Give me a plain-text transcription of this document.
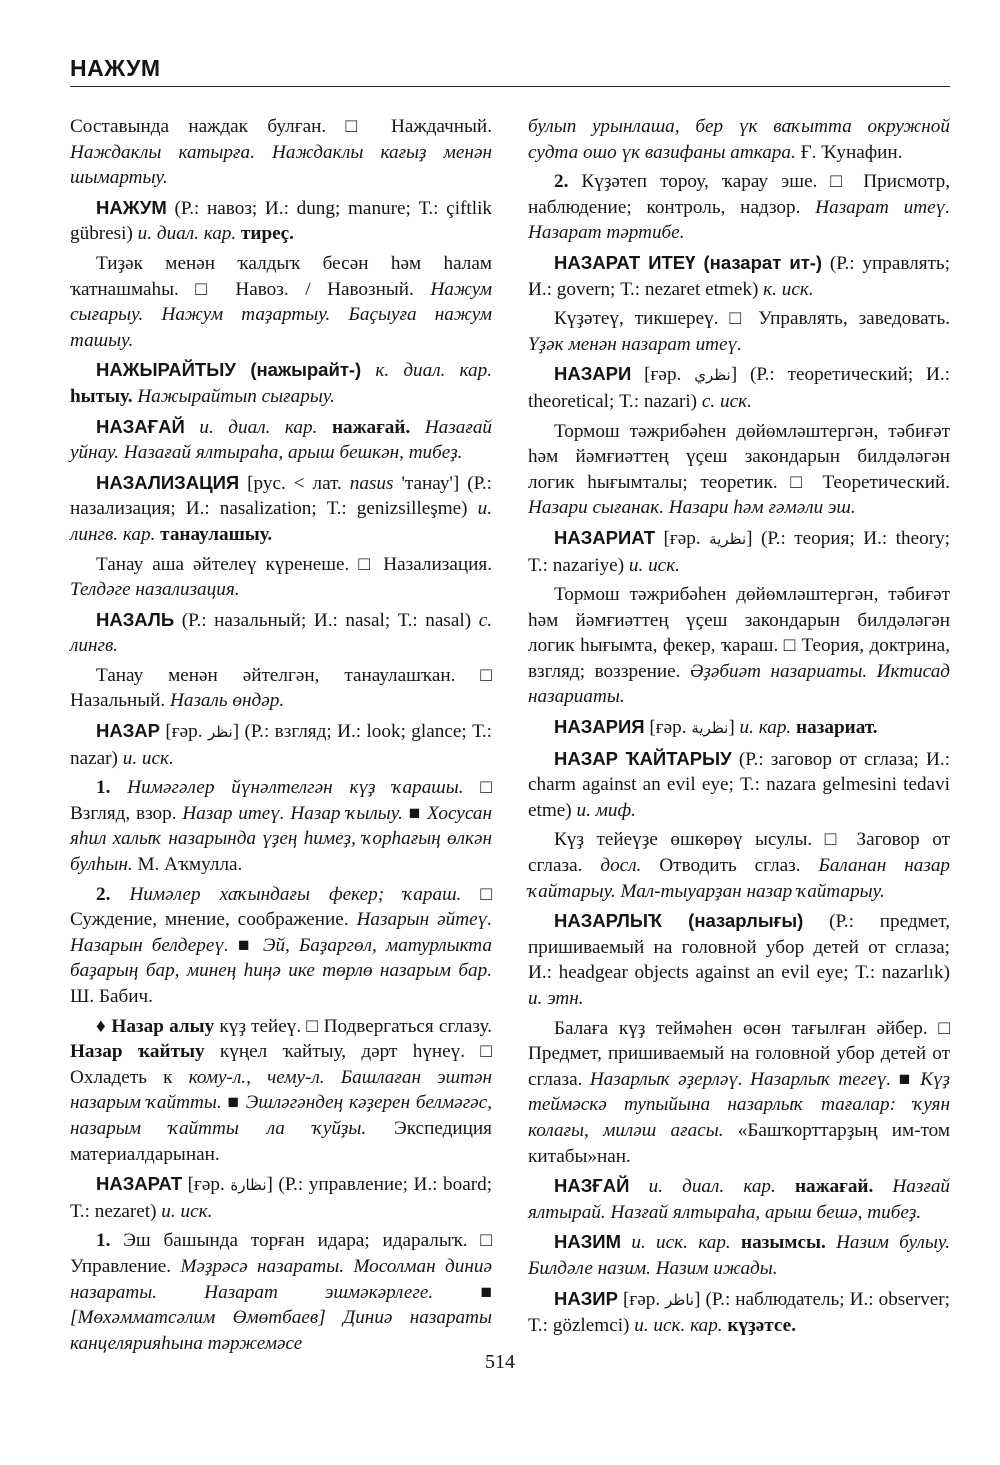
НАЖУМ

Составында наждак булған. □ Наждачный. Наждаклы катырға. Наждаклы кағыҙ менән шымартыу.

НАЖУМ (Р.: навоз; И.: dung; manure; Т.: çiftlik gübresi) и. диал. кар. тиреç.

Тиҙәк менән ҡалдыҡ бесән һәм һалам ҡатнашмаһы. □ Навоз. / Навозный. Нажум сығарыу. Нажум таҙартыу. Баҫыуға нажум ташыу.

НАЖЫРАЙТЫУ (нажырайт-) к. диал. кар. һытыу. Нажырайтып сығарыу.

НАЗАҒАЙ и. диал. кар. нажағай. Назағай уйнау. Назағай ялтыраһа, арыш бешкән, тибеҙ.

НАЗАЛИЗАЦИЯ [рус. < лат. nasus 'танау'] (Р.: назализация; И.: nasalization; Т.: genizsilleşme) и. лингв. кар. танаулашыу.

Танау аша әйтелеү күренеше. □ Назализация. Телдәге назализация.

НАЗАЛЬ (Р.: назальный; И.: nasal; Т.: nasal) с. лингв.

Танау менән әйтелгән, танаулашҡан. □ Назальный. Назаль өндәр.

НАЗАР [ғәр. نظر] (Р.: взгляд; И.: look; glance; Т.: nazar) и. иск.

1. Нимәгәлер йүнәлтелгән күҙ ҡарашы. □ Взгляд, взор. Назар итеү. Назар ҡылыу. ■ Хосусан яһил халыҡ назарында үҙең һимеҙ, ҡорһағың өлкән булһын. М. Аҡмулла.

2. Нимәлер хаҡындағы фекер; ҡараш. □ Суждение, мнение, соображение. Назарын әйтеү. Назарын белдереү. ■ Эй, Баҙаргөл, матурлыкта баҙарың бар, минең һиңә ике төрлө назарым бар. Ш. Бабич.

♦ Назар алыу күҙ тейеү. □ Подвергаться сглазу. Назар ҡайтыу күңел ҡайтыу, дәрт һүнеү. □ Охладеть к кому-л., чему-л. Башлаған эштән назарым ҡайтты. ■ Эшләгәндең кәҙерен белмәгәс, назарым ҡайтты ла ҡуйҙы. Экспедиция материалдарынан.

НАЗАРАТ [ғәр. نظارة] (Р.: управление; И.: board; Т.: nezaret) и. иск.

1. Эш башында торған идара; идаралыҡ. □ Управление. Мәҙрәсә назараты. Мосолман диниә назараты. Назарат эшмәкәрлеге. ■ [Мөхәмматсәлим Өмөтбаев] Диниә назараты канцелярияһына тәржемәсе

булып урынлаша, бер үк ваҡытта окружной судта ошо үк вазифаны аткара. Ғ. Ҡунафин.

2. Күҙәтеп тороу, ҡарау эше. □ Присмотр, наблюдение; контроль, надзор. Назарат итеү. Назарат тәртибе.

НАЗАРАТ ИТЕҮ (назарат ит-) (Р.: управлять; И.: govern; Т.: nezaret etmek) к. иск.

Күҙәтеү, тикшереү. □ Управлять, заведовать. Үҙәк менән назарат итеү.

НАЗАРИ [ғәр. نظري] (Р.: теоретический; И.: theoretical; Т.: nazari) с. иск.

Тормош тәжрибәһен дөйөмләштергән, тәбиғәт һәм йәмғиәттең үҫеш закондарын билдәләгән логик һығымталы; теоретик. □ Теоретический. Назари сығанак. Назари һәм ғәмәли эш.

НАЗАРИАТ [ғәр. نظرية] (Р.: теория; И.: theory; Т.: nazariye) и. иск.

Тормош тәжрибәһен дөйөмләштергән, тәбиғәт һәм йәмғиәттең үҫеш закондарын билдәләгән логик һығымта, фекер, ҡараш. □ Теория, доктрина, взгляд; воззрение. Әҙәбиәт назариаты. Иктисад назариаты.

НАЗАРИЯ [ғәр. نظرية] и. кар. назариат.

НАЗАР ҠАЙТАРЫУ (Р.: заговор от сглаза; И.: charm against an evil eye; Т.: nazara gelmesini tedavi etme) и. миф.

Күҙ тейеүҙе өшкөрөү ысулы. □ Заговор от сглаза. досл. Отводить сглаз. Баланан назар ҡайтарыу. Мал-тыуарҙан назар ҡайтарыу.

НАЗАРЛЫҠ (назарлығы) (Р.: предмет, пришиваемый на головной убор детей от сглаза; И.: headgear objects against an evil eye; Т.: nazarlık) и. этн.

Балаға күҙ теймәһен өсөн тағылған әйбер. □ Предмет, пришиваемый на головной убор детей от сглаза. Назарлыҡ әҙерләү. Назарлыҡ тегеү. ■ Күҙ теймәскә тупыйына назарлыҡ тағалар: ҡуян колағы, миләш ағасы. «Башҡорттарҙың им-том китабы»нан.

НАЗҒАЙ и. диал. кар. нажағай. Назғай ялтырай. Назғай ялтыраһа, арыш бешә, тибеҙ.

НАЗИМ и. иск. кар. назымсы. Назим булыу. Билдәле назим. Назим ижады.

НАЗИР [ғәр. ناظر] (Р.: наблюдатель; И.: observer; Т.: gözlemci) и. иск. кар. күҙәтсе.

514
